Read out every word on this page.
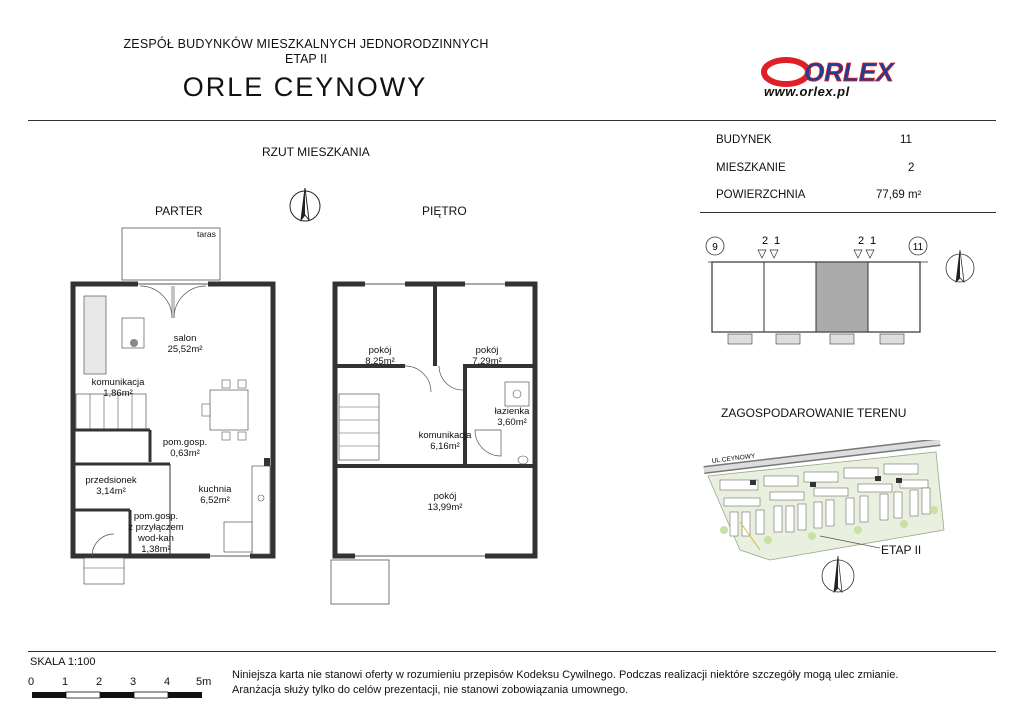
ZESPÓŁ BUDYNKÓW MIESZKALNYCH JEDNORODZINNYCH
ETAP II
ORLE CEYNOWY	ORLEX
www.orlex.pl
RZUT MIESZKANIA
PARTER	PIĘTRO
taras
salon
25,52m²
komunikacja
1,86m²
pom.gosp.
0,63m²
przedsionek
3,14m²	kuchnia
6,52m²
pom.gosp.
z przyłączem
wod-kan
1,38m²
pokój
8,25m²
pokój
7,29m²
łazienka
3,60m²
komunikacja
6,16m²
pokój
13,99m²
BUDYNEK	11
MIESZKANIE	2
POWIERZCHNIA	77,69 m²
9	11
2 1	2 1
ZAGOSPODAROWANIE TERENU
UL.CEYNOWY
ETAP II
SKALA 1:100
0	1	2	3	4 5m
Niniejsza karta nie stanowi oferty w rozumieniu przepisów Kodeksu Cywilnego. Podczas realizacji niektóre szczegóły mogą ulec zmianie.
Aranżacja służy tylko do celów prezentacji, nie stanowi zobowiązania umownego.
